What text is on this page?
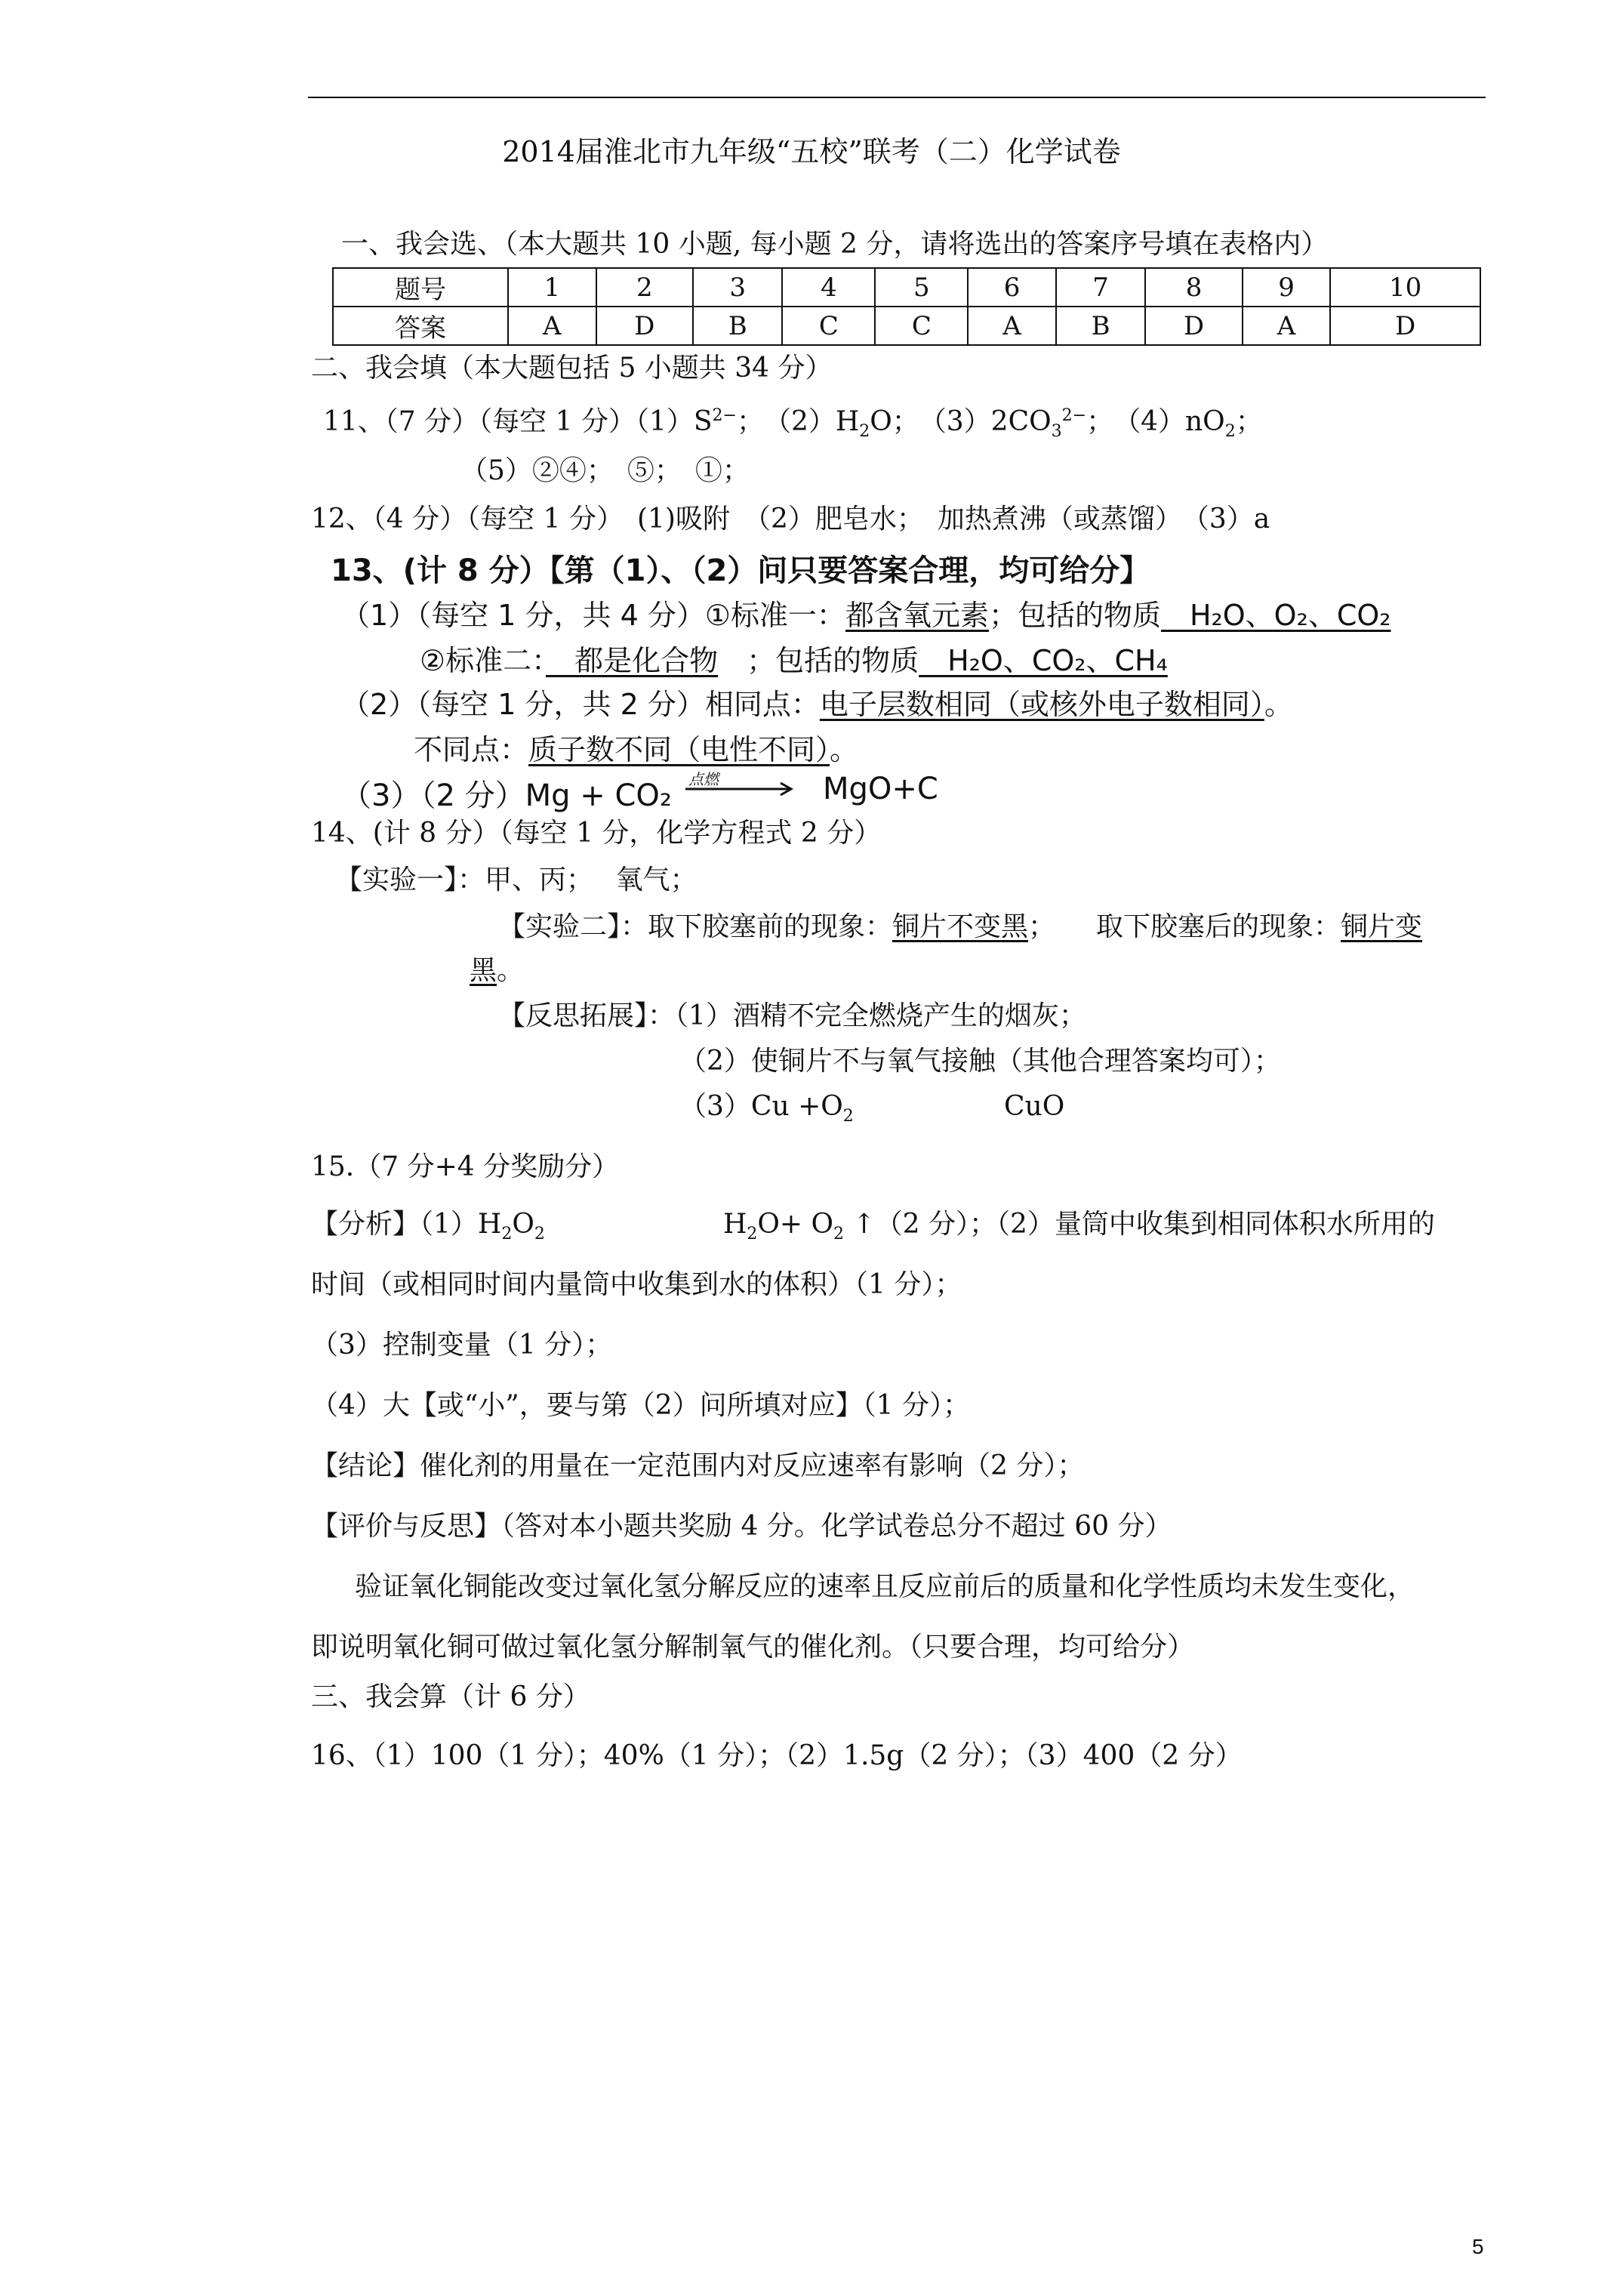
2014届淮北市九年级“五校”联考（二）化学试卷
一、我会选、（本大题共 10 小题, 每小题 2 分，请将选出的答案序号填在表格内）
题号	1	2	3	4	5	6	7	8	9	10
答案	A	D	B	C	C	A	B	D	A	D
二、我会填（本大题包括 5 小题共 34 分）
11、（7 分）（每空 1 分）$(1)S^{2-}$；　$(2)H_2O$；　$(3)2CO_3^{2-}$；　$(4)nO_2$；
（5）②④；　⑤；　①；
12、（4 分）（每空 1 分）　(1)吸附　（2）肥皂水；　加热煮沸（或蒸馏）　（3）a
13、(计 8 分）【第（1）、（2）问只要答案合理，均可给分】
（1）（每空 1 分，共 4 分）①标准一：都含氧元素；包括的物质　H₂O、O₂、CO₂
②标准二：　都是化合物　；包括的物质　H₂O、CO₂、CH₄
（2）（每空 1 分，共 2 分）相同点：电子层数相同（或核外电子数相同）。
不同点：质子数不同（电性不同）。
（3）（2 分）Mg + CO₂ 点燃	MgO+C
14、(计 8 分）（每空 1 分，化学方程式 2 分）
【实验一】：甲、丙；　 氧气；
【实验二】：取下胶塞前的现象：铜片不变黑；　　取下胶塞后的现象：铜片变
黑。
【反思拓展】：（1）酒精不完全燃烧产生的烟灰；
（2）使铜片不与氧气接触（其他合理答案均可）；
$(3)Cu +O_2$	CuO
15.（7 分+4 分奖励分）
【分析】$(1)H_2O_2$	$H_2O+ O_2$ ↑（2 分）；（2）量筒中收集到相同体积水所用的
时间（或相同时间内量筒中收集到水的体积）（1 分）；
（3）控制变量（1 分）；
（4）大【或“小”，要与第（2）问所填对应】（1 分）；
【结论】催化剂的用量在一定范围内对反应速率有影响（2 分）；
【评价与反思】（答对本小题共奖励 4 分。化学试卷总分不超过 60 分）
验证氧化铜能改变过氧化氢分解反应的速率且反应前后的质量和化学性质均未发生变化，
即说明氧化铜可做过氧化氢分解制氧气的催化剂。（只要合理，均可给分）
三、我会算（计 6 分）
16、（1）100（1 分）；40%（1 分）；（2）1.5g（2 分）；（3）400（2 分）
5
